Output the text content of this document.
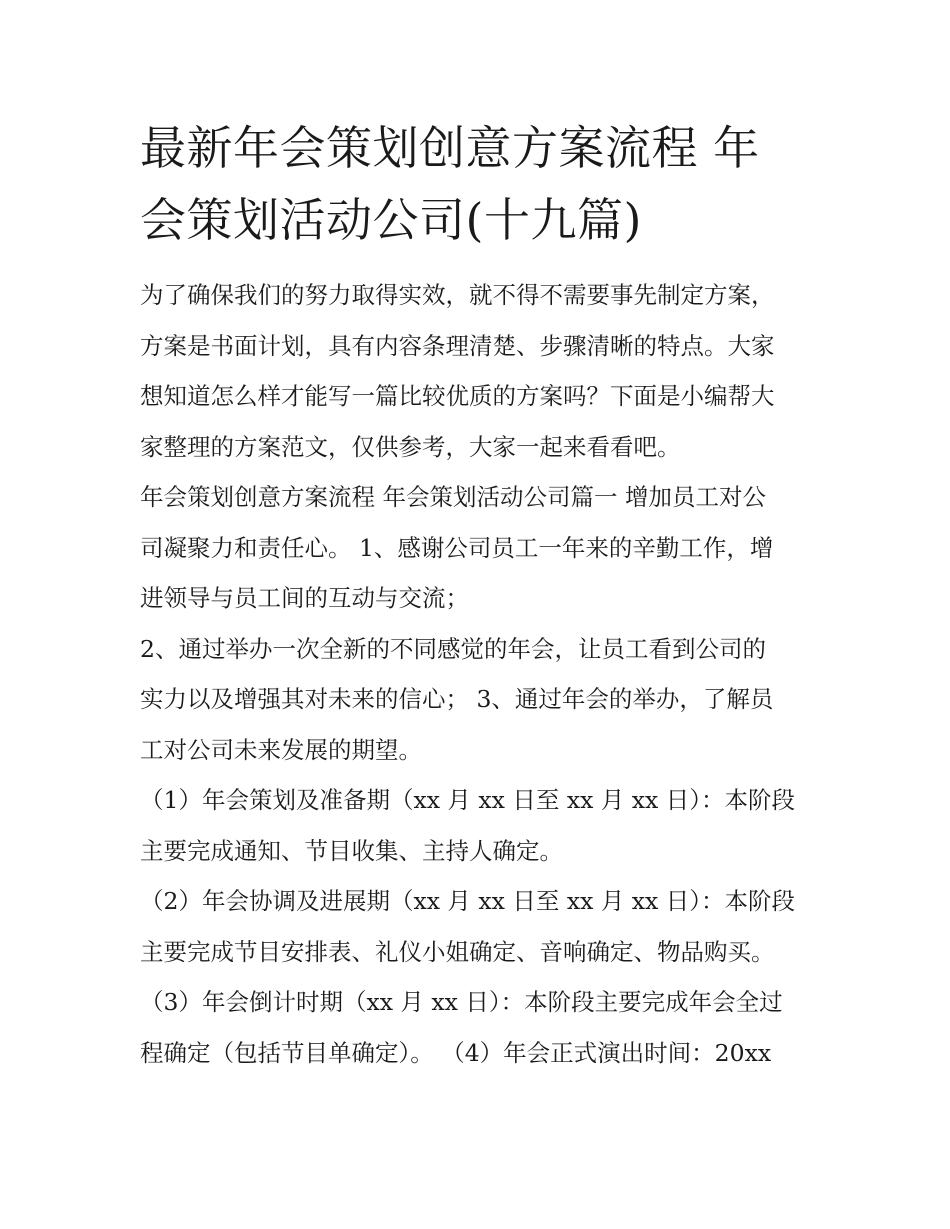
最新年会策划创意方案流程 年
会策划活动公司(十九篇)

为了确保我们的努力取得实效，就不得不需要事先制定方案，
方案是书面计划，具有内容条理清楚、步骤清晰的特点。大家
想知道怎么样才能写一篇比较优质的方案吗？下面是小编帮大
家整理的方案范文，仅供参考，大家一起来看看吧。

年会策划创意方案流程 年会策划活动公司篇一 增加员工对公
司凝聚力和责任心。 1、感谢公司员工一年来的辛勤工作，增
进领导与员工间的互动与交流；

2、通过举办一次全新的不同感觉的年会，让员工看到公司的
实力以及增强其对未来的信心； 3、通过年会的举办，了解员
工对公司未来发展的期望。

（1）年会策划及准备期（xx 月 xx 日至 xx 月 xx 日）：本阶段
主要完成通知、节目收集、主持人确定。

（2）年会协调及进展期（xx 月 xx 日至 xx 月 xx 日）：本阶段
主要完成节目安排表、礼仪小姐确定、音响确定、物品购买。

（3）年会倒计时期（xx 月 xx 日）：本阶段主要完成年会全过
程确定（包括节目单确定）。 （4）年会正式演出时间：20xx
